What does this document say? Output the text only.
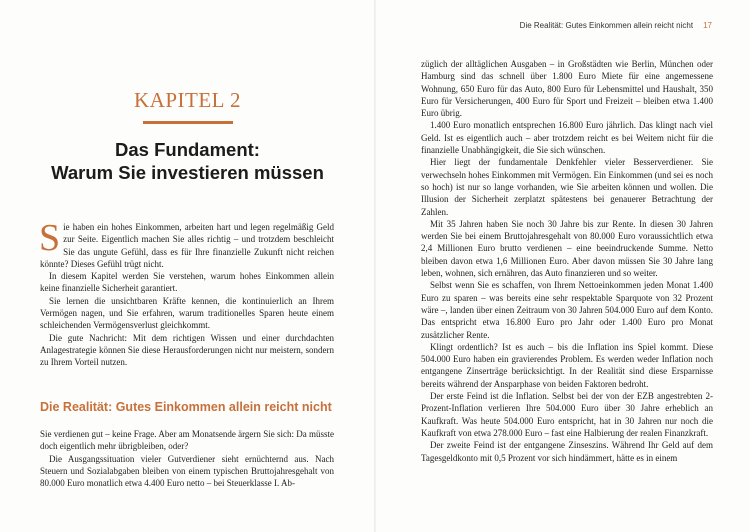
KAPITEL 2
Das Fundament:
Warum Sie investieren müssen

Sie haben ein hohes Einkommen, arbeiten hart und legen regelmäßig Geld zur Seite. Eigentlich machen Sie alles richtig – und trotzdem beschleicht Sie das ungute Gefühl, dass es für Ihre finanzielle Zukunft nicht reichen könnte? Dieses Gefühl trügt nicht.

In diesem Kapitel werden Sie verstehen, warum hohes Einkommen allein keine finanzielle Sicherheit garantiert.

Sie lernen die unsichtbaren Kräfte kennen, die kontinuierlich an Ihrem Vermögen nagen, und Sie erfahren, warum traditionelles Sparen heute einem schleichenden Vermögensverlust gleichkommt.

Die gute Nachricht: Mit dem richtigen Wissen und einer durchdachten Anlagestrategie können Sie diese Herausforderungen nicht nur meistern, sondern zu Ihrem Vorteil nutzen.

Die Realität: Gutes Einkommen allein reicht nicht

Sie verdienen gut – keine Frage. Aber am Monatsende ärgern Sie sich: Da müsste doch eigentlich mehr übrigbleiben, oder?

Die Ausgangssituation vieler Gutverdiener sieht ernüchternd aus. Nach Steuern und Sozialabgaben bleiben von einem typischen Bruttojahresgehalt von 80.000 Euro monatlich etwa 4.400 Euro netto – bei Steuerklasse I. Ab-

Die Realität: Gutes Einkommen allein reicht nicht 17

züglich der alltäglichen Ausgaben – in Großstädten wie Berlin, München oder Hamburg sind das schnell über 1.800 Euro Miete für eine angemessene Wohnung, 650 Euro für das Auto, 800 Euro für Lebensmittel und Haushalt, 350 Euro für Versicherungen, 400 Euro für Sport und Freizeit – bleiben etwa 1.400 Euro übrig.

1.400 Euro monatlich entsprechen 16.800 Euro jährlich. Das klingt nach viel Geld. Ist es eigentlich auch – aber trotzdem reicht es bei Weitem nicht für die finanzielle Unabhängigkeit, die Sie sich wünschen.

Hier liegt der fundamentale Denkfehler vieler Besserverdiener. Sie verwechseln hohes Einkommen mit Vermögen. Ein Einkommen (und sei es noch so hoch) ist nur so lange vorhanden, wie Sie arbeiten können und wollen. Die Illusion der Sicherheit zerplatzt spätestens bei genauerer Betrachtung der Zahlen.

Mit 35 Jahren haben Sie noch 30 Jahre bis zur Rente. In diesen 30 Jahren werden Sie bei einem Bruttojahresgehalt von 80.000 Euro voraussichtlich etwa 2,4 Millionen Euro brutto verdienen – eine beeindruckende Summe. Netto bleiben davon etwa 1,6 Millionen Euro. Aber davon müssen Sie 30 Jahre lang leben, wohnen, sich ernähren, das Auto finanzieren und so weiter.

Selbst wenn Sie es schaffen, von Ihrem Nettoeinkommen jeden Monat 1.400 Euro zu sparen – was bereits eine sehr respektable Sparquote von 32 Prozent wäre –, landen über einen Zeitraum von 30 Jahren 504.000 Euro auf dem Konto. Das entspricht etwa 16.800 Euro pro Jahr oder 1.400 Euro pro Monat zusätzlicher Rente.

Klingt ordentlich? Ist es auch – bis die Inflation ins Spiel kommt. Diese 504.000 Euro haben ein gravierendes Problem. Es werden weder Inflation noch entgangene Zinserträge berücksichtigt. In der Realität sind diese Ersparnisse bereits während der Ansparphase von beiden Faktoren bedroht.

Der erste Feind ist die Inflation. Selbst bei der von der EZB angestrebten 2-Prozent-Inflation verlieren Ihre 504.000 Euro über 30 Jahre erheblich an Kaufkraft. Was heute 504.000 Euro entspricht, hat in 30 Jahren nur noch die Kaufkraft von etwa 278.000 Euro – fast eine Halbierung der realen Finanzkraft.

Der zweite Feind ist der entgangene Zinseszins. Während Ihr Geld auf dem Tagesgeldkonto mit 0,5 Prozent vor sich hindämmert, hätte es in einem
